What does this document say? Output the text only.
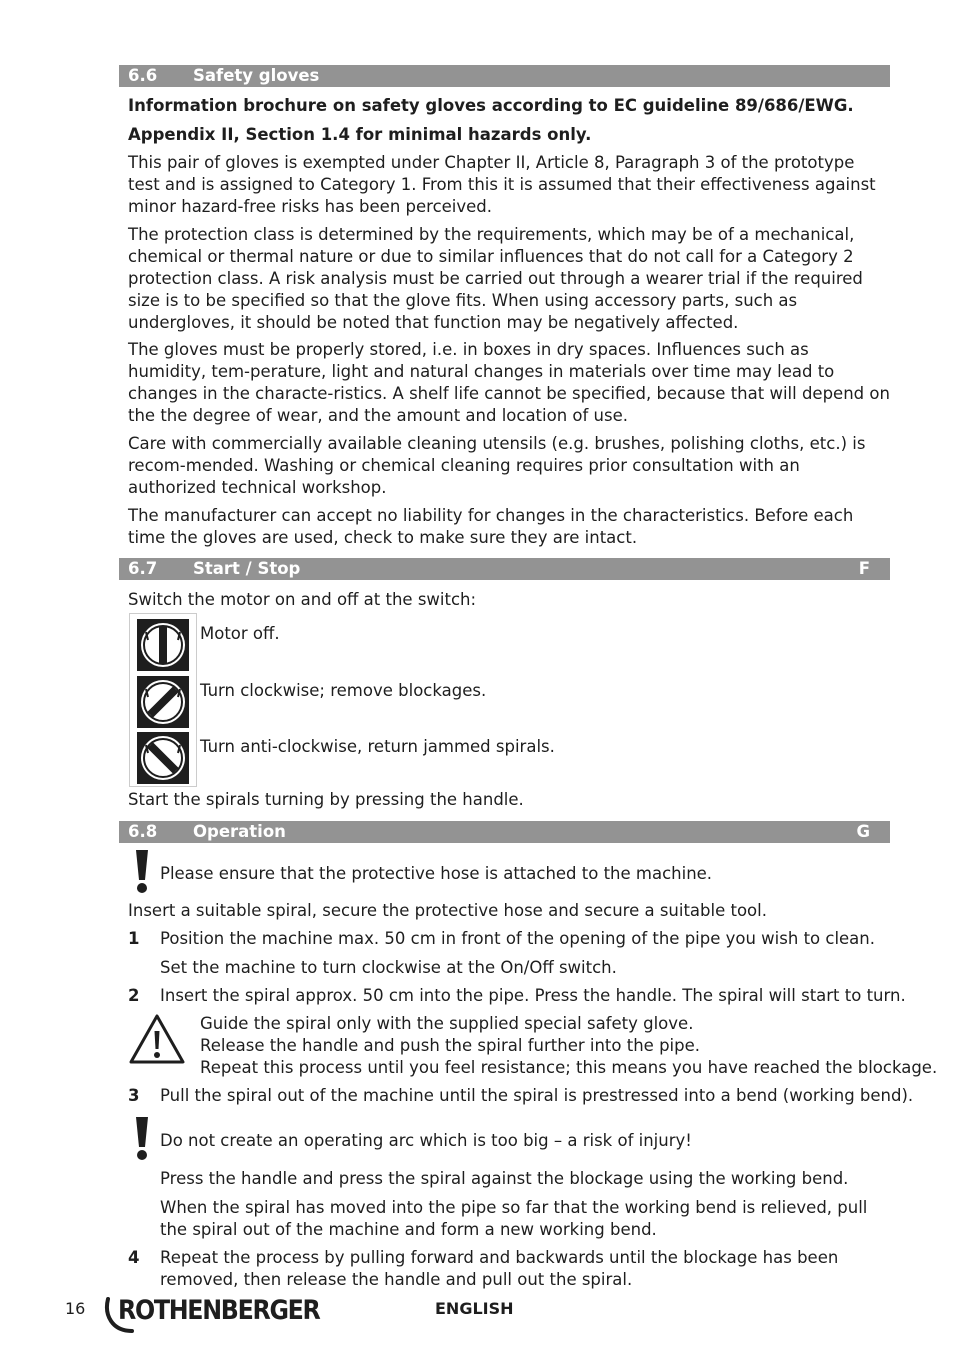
6.6 Safety gloves
Information brochure on safety gloves according to EC guideline 89/686/EWG.
Appendix II, Section 1.4 for minimal hazards only.
This pair of gloves is exempted under Chapter II, Article 8, Paragraph 3 of the prototype test and is assigned to Category 1. From this it is assumed that their effectiveness against minor hazard-free risks has been perceived.
The protection class is determined by the requirements, which may be of a mechanical, chemical or thermal nature or due to similar influences that do not call for a Category 2 protection class. A risk analysis must be carried out through a wearer trial if the required size is to be specified so that the glove fits. When using accessory parts, such as undergloves, it should be noted that function may be negatively affected.
The gloves must be properly stored, i.e. in boxes in dry spaces. Influences such as humidity, tem-perature, light and natural changes in materials over time may lead to changes in the characte-ristics. A shelf life cannot be specified, because that will depend on the the degree of wear, and the amount and location of use.
Care with commercially available cleaning utensils (e.g. brushes, polishing cloths, etc.) is recom-mended. Washing or chemical cleaning requires prior consultation with an authorized technical workshop.
The manufacturer can accept no liability for changes in the characteristics. Before each time the gloves are used, check to make sure they are intact.
6.7 Start / Stop	F
Switch the motor on and off at the switch:
Motor off.
Turn clockwise; remove blockages.
Turn anti-clockwise, return jammed spirals.
Start the spirals turning by pressing the handle.
6.8 Operation	G
Please ensure that the protective hose is attached to the machine.
Insert a suitable spiral, secure the protective hose and secure a suitable tool.
1 Position the machine max. 50 cm in front of the opening of the pipe you wish to clean.
Set the machine to turn clockwise at the On/Off switch.
2 Insert the spiral approx. 50 cm into the pipe. Press the handle. The spiral will start to turn.
Guide the spiral only with the supplied special safety glove.
Release the handle and push the spiral further into the pipe.
Repeat this process until you feel resistance; this means you have reached the blockage.
3 Pull the spiral out of the machine until the spiral is prestressed into a bend (working bend).
Do not create an operating arc which is too big – a risk of injury!
Press the handle and press the spiral against the blockage using the working bend.
When the spiral has moved into the pipe so far that the working bend is relieved, pull the spiral out of the machine and form a new working bend.
4 Repeat the process by pulling forward and backwards until the blockage has been removed, then release the handle and pull out the spiral.
16 ROTHENBERGER	ENGLISH
